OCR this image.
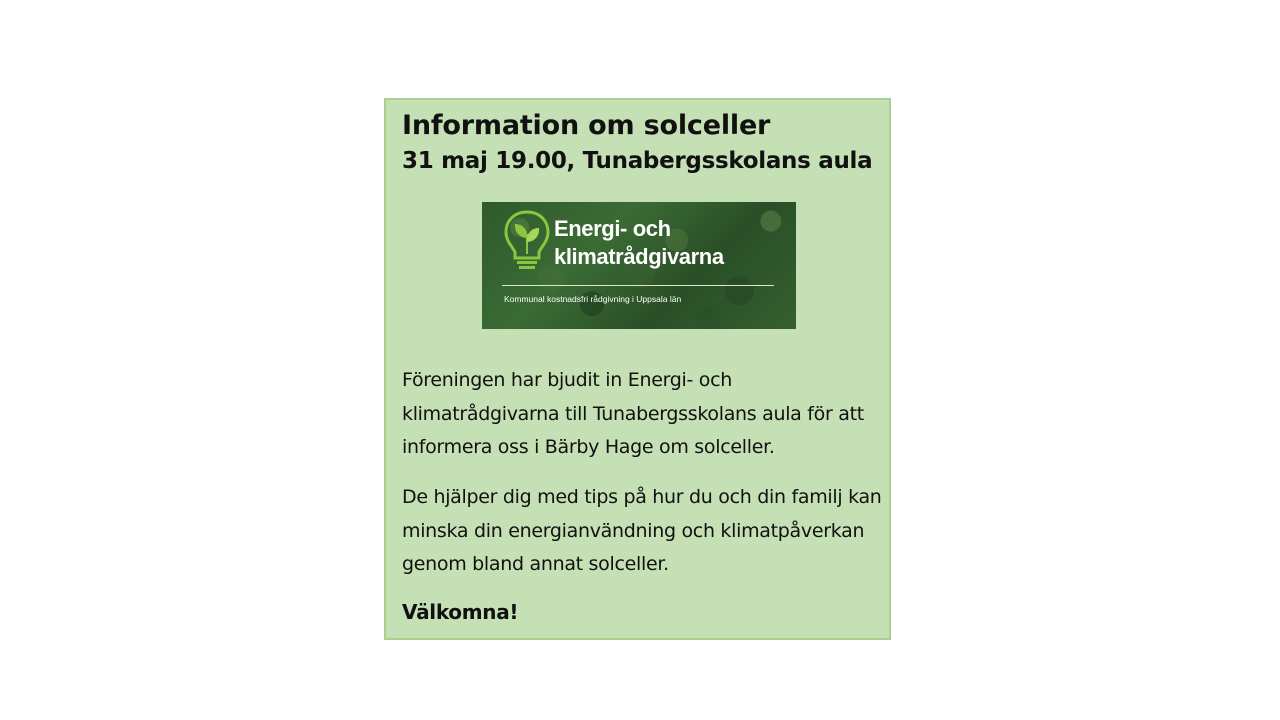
Information om solceller
31 maj 19.00, Tunabergsskolans aula

Energi- och

klimatrådgivarna

Kommunal kostnadsfri rådgivning i Uppsala län

Föreningen har bjudit in Energi- och klimatrådgivarna till Tunabergsskolans aula för att informera oss i Bärby Hage om solceller.

De hjälper dig med tips på hur du och din familj kan minska din energianvändning och klimatpåverkan genom bland annat solceller.

Välkomna!
